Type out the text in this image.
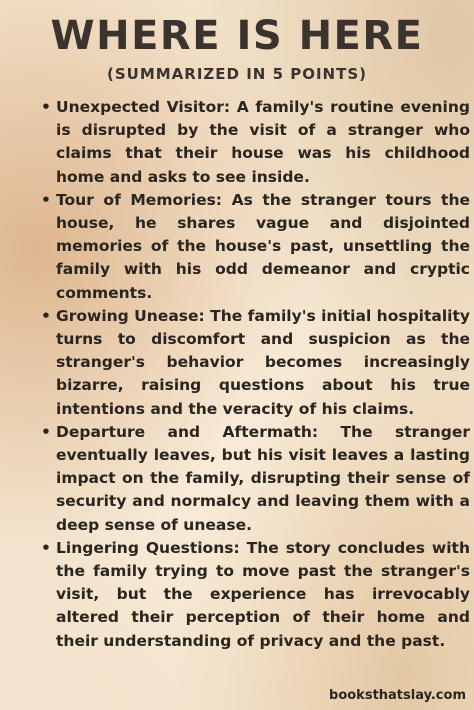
WHERE IS HERE
(SUMMARIZED IN 5 POINTS)
• Unexpected Visitor: A family's routine evening is disrupted by the visit of a stranger who claims that their house was his childhood home and asks to see inside.
• Tour of Memories: As the stranger tours the house, he shares vague and disjointed memories of the house's past, unsettling the family with his odd demeanor and cryptic comments.
• Growing Unease: The family's initial hospitality turns to discomfort and suspicion as the stranger's behavior becomes increasingly bizarre, raising questions about his true intentions and the veracity of his claims.
• Departure and Aftermath: The stranger eventually leaves, but his visit leaves a lasting impact on the family, disrupting their sense of security and normalcy and leaving them with a deep sense of unease.
• Lingering Questions: The story concludes with the family trying to move past the stranger's visit, but the experience has irrevocably altered their perception of their home and their understanding of privacy and the past.
booksthatslay.com
